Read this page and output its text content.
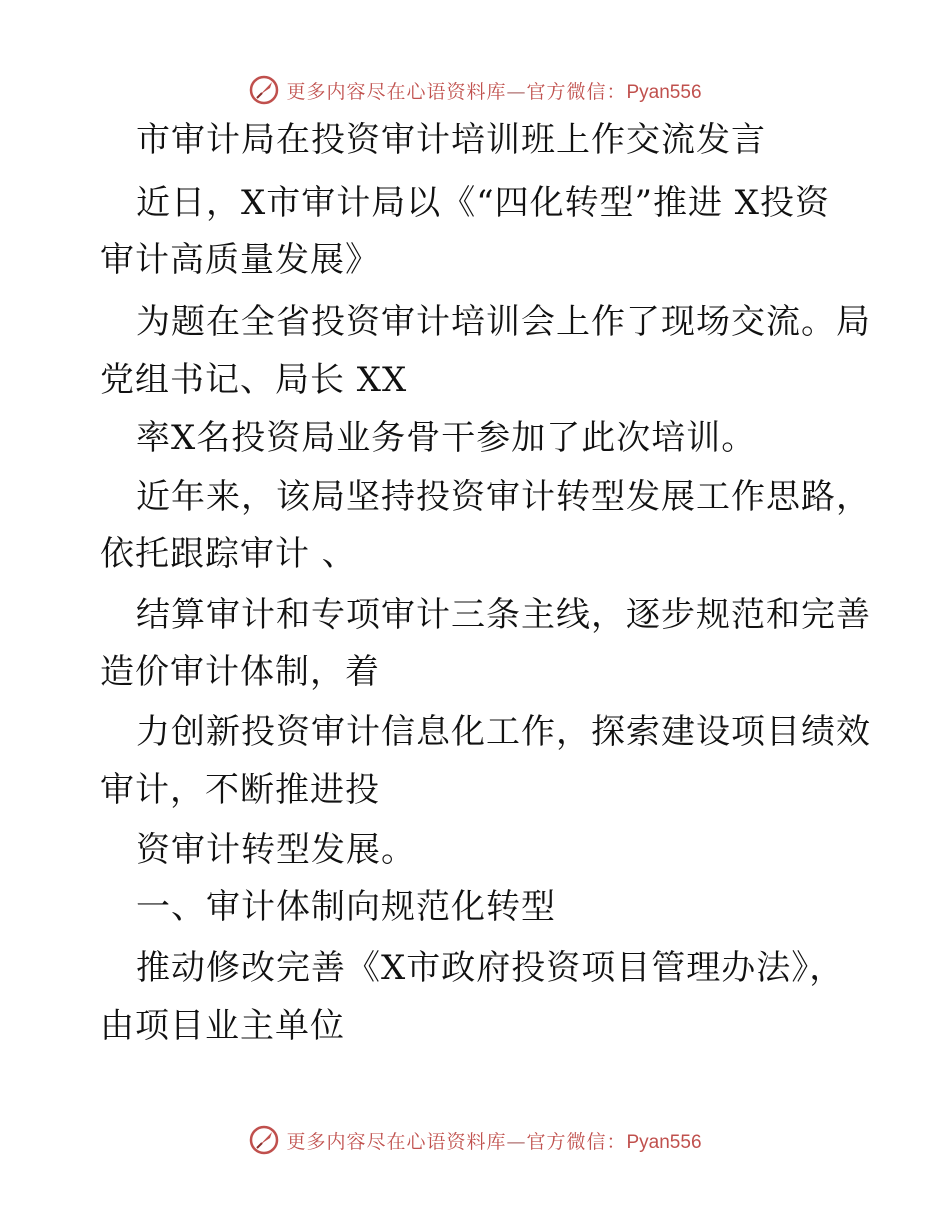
更多内容尽在心语资料库—官方微信：Pyan556
市审计局在投资审计培训班上作交流发言
近日，X市审计局以《“四化转型”推进 X投资
审计高质量发展》
为题在全省投资审计培训会上作了现场交流。局
党组书记、局长 XX
率X名投资局业务骨干参加了此次培训。
近年来，该局坚持投资审计转型发展工作思路，
依托跟踪审计 、
结算审计和专项审计三条主线，逐步规范和完善
造价审计体制，着
力创新投资审计信息化工作，探索建设项目绩效
审计，不断推进投
资审计转型发展。
一、审计体制向规范化转型
推动修改完善《X市政府投资项目管理办法》，
由项目业主单位
更多内容尽在心语资料库—官方微信：Pyan556
